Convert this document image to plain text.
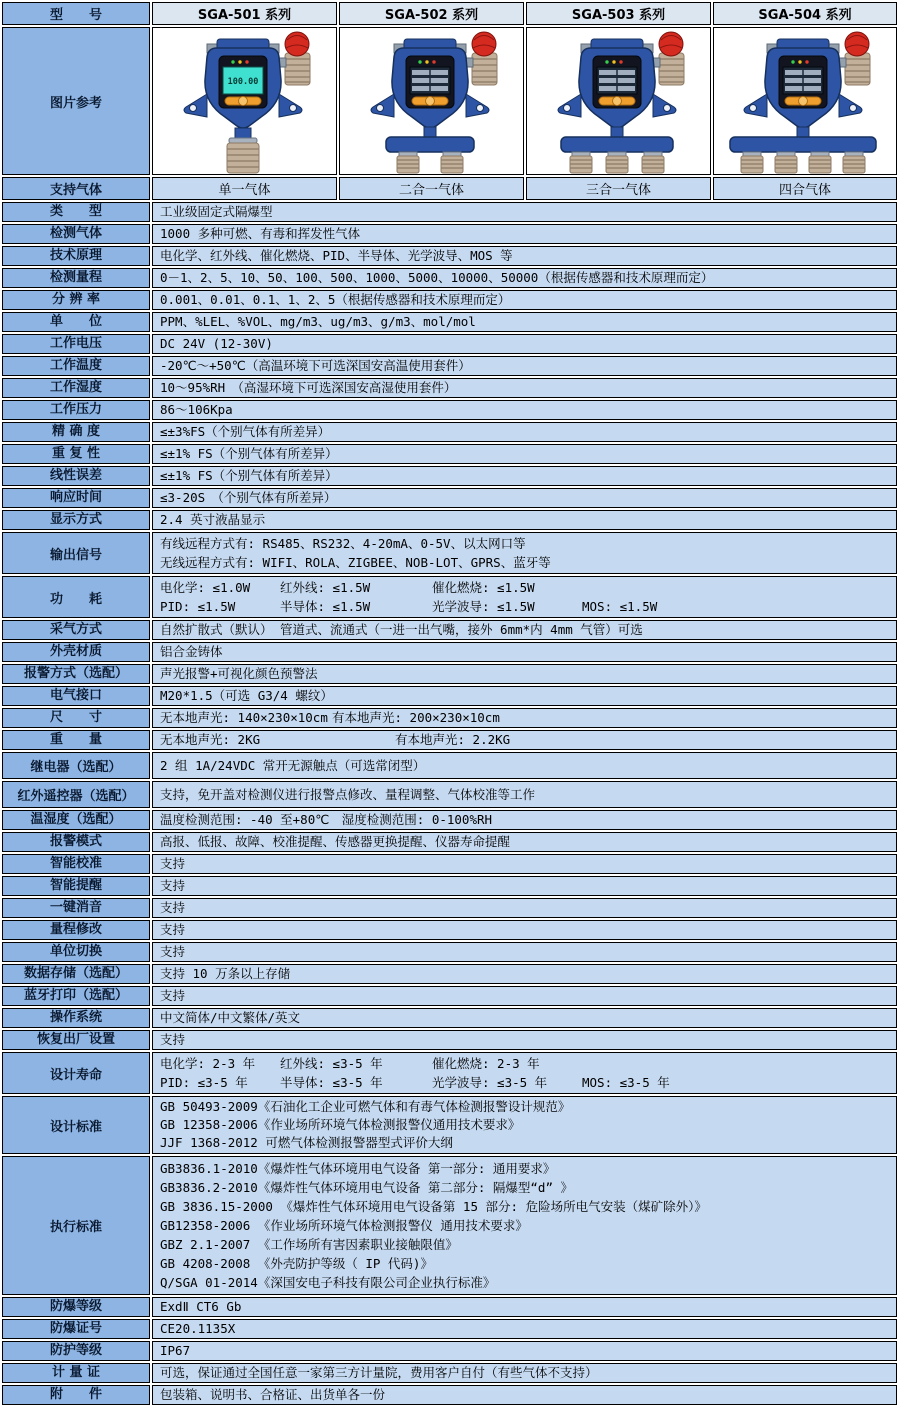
型　　号	SGA-501 系列	SGA-502 系列	SGA-503 系列	SGA-504 系列
图片参考	100.00

支持气体	单一气体	二合一气体	三合一气体	四合气体
类　　型	工业级固定式隔爆型			
检测气体	1000 多种可燃、有毒和挥发性气体			
技术原理	电化学、红外线、催化燃烧、PID、半导体、光学波导、MOS 等			
检测量程	0－1、2、5、10、50、100、500、1000、5000、10000、50000（根据传感器和技术原理而定）			
分 辨 率	0.001、0.01、0.1、1、2、5（根据传感器和技术原理而定）			
单　　位	PPM、%LEL、%VOL、mg/m3、ug/m3、g/m3、mol/mol			
工作电压	DC 24V (12-30V)			
工作温度	-20℃～+50℃（高温环境下可选深国安高温使用套件）			
工作湿度	10～95%RH　（高湿环境下可选深国安高湿使用套件）			
工作压力	86～106Kpa			
精 确 度	≤±3%FS（个别气体有所差异）			
重 复 性	≤±1% FS（个别气体有所差异）			
线性误差	≤±1% FS（个别气体有所差异）			
响应时间	≤3-20S　（个别气体有所差异）			
显示方式	2.4 英寸液晶显示			
输出信号	有线远程方式有: RS485、RS232、4-20mA、0-5V、以太网口等
无线远程方式有: WIFI、ROLA、ZIGBEE、NOB-LOT、GPRS、蓝牙等			

功　　耗	电化学: ≤1.0W 红外线: ≤1.5W 催化燃烧: ≤1.5W
PID: ≤1.5W 半导体: ≤1.5W 光学波导: ≤1.5W MOS: ≤1.5W			

采气方式	自然扩散式（默认） 管道式、流通式（一进一出气嘴，接外 6mm*内 4mm 气管）可选			
外壳材质	铝合金铸体			
报警方式（选配）	声光报警+可视化颜色预警法			
电气接口	M20*1.5（可选 G3/4 螺纹）			
尺　　寸	无本地声光: 140×230×10cm 有本地声光: 200×230×10cm			
重　　量	无本地声光: 2KG 有本地声光: 2.2KG			
继电器（选配）	2 组 1A/24VDC 常开无源触点（可选常闭型）			
红外遥控器（选配）	支持，免开盖对检测仪进行报警点修改、量程调整、气体校准等工作			
温湿度（选配）	温度检测范围: -40 至+80℃　湿度检测范围: 0-100%RH			
报警模式	高报、低报、故障、校准提醒、传感器更换提醒、仪器寿命提醒			
智能校准	支持			
智能提醒	支持			
一键消音	支持			
量程修改	支持			
单位切换	支持			
数据存储（选配）	支持 10 万条以上存储			
蓝牙打印（选配）	支持			
操作系统	中文简体/中文繁体/英文			
恢复出厂设置	支持			
设计寿命	电化学: 2-3 年 红外线: ≤3-5 年 催化燃烧: 2-3 年
PID: ≤3-5 年 半导体: ≤3-5 年 光学波导: ≤3-5 年 MOS: ≤3-5 年			

设计标准	GB 50493-2009《石油化工企业可燃气体和有毒气体检测报警设计规范》
GB 12358-2006《作业场所环境气体检测报警仪通用技术要求》
JJF 1368-2012 可燃气体检测报警器型式评价大纲			

执行标准	
GB3836.1-2010《爆炸性气体环境用电气设备 第一部分: 通用要求》
GB3836.2-2010《爆炸性气体环境用电气设备 第二部分: 隔爆型“d” 》
GB 3836.15-2000 《爆炸性气体环境用电气设备第 15 部分: 危险场所电气安装（煤矿除外）》
GB12358-2006 《作业场所环境气体检测报警仪 通用技术要求》
GBZ 2.1-2007 《工作场所有害因素职业接触限值》
GB 4208-2008 《外壳防护等级（ IP 代码)》
Q/SGA 01-2014《深国安电子科技有限公司企业执行标准》

防爆等级	ExdⅡ CT6 Gb			
防爆证号	CE20.1135X			
防护等级	IP67			
计 量 证	可选，保证通过全国任意一家第三方计量院，费用客户自付（有些气体不支持）			
附　　件	包装箱、说明书、合格证、出货单各一份			
